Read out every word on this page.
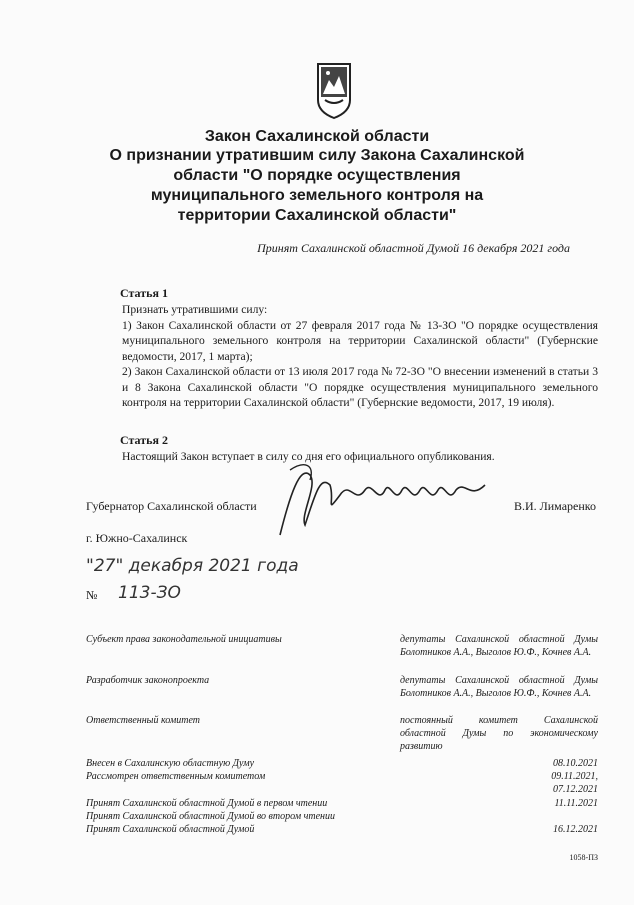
Закон Сахалинской области
О признании утратившим силу Закона Сахалинской
области "О порядке осуществления
муниципального земельного контроля на
территории Сахалинской области"
Принят Сахалинской областной Думой 16 декабря 2021 года
Статья 1

Признать утратившими силу:

1) Закон Сахалинской области от 27 февраля 2017 года № 13-ЗО "О порядке осуществления муниципального земельного контроля на территории Сахалинской области" (Губернские ведомости, 2017, 1 марта);

2) Закон Сахалинской области от 13 июля 2017 года № 72-ЗО "О внесении изменений в статьи 3 и 8 Закона Сахалинской области "О порядке осуществления муниципального земельного контроля на территории Сахалинской области" (Губернские ведомости, 2017, 19 июля).

Статья 2

Настоящий Закон вступает в силу со дня его официального опубликования.

Губернатор Сахалинской области	В.И. Лимаренко
г. Южно-Сахалинск
"27" декабря 2021 года
№ 113-ЗО
Субъект права законодательной инициативы	депутаты Сахалинской областной Думы Болотников А.А., Выголов Ю.Ф., Кочнев А.А.
Разработчик законопроекта	депутаты Сахалинской областной Думы Болотников А.А., Выголов Ю.Ф., Кочнев А.А.
Ответственный комитет	постоянный комитет Сахалинской областной Думы по экономическому развитию
Внесен в Сахалинскую областную Думу	08.10.2021
Рассмотрен ответственным комитетом	09.11.2021,
07.12.2021
Принят Сахалинской областной Думой в первом чтении	11.11.2021
Принят Сахалинской областной Думой во втором чтении
Принят Сахалинской областной Думой	16.12.2021
1058-ПЗ
